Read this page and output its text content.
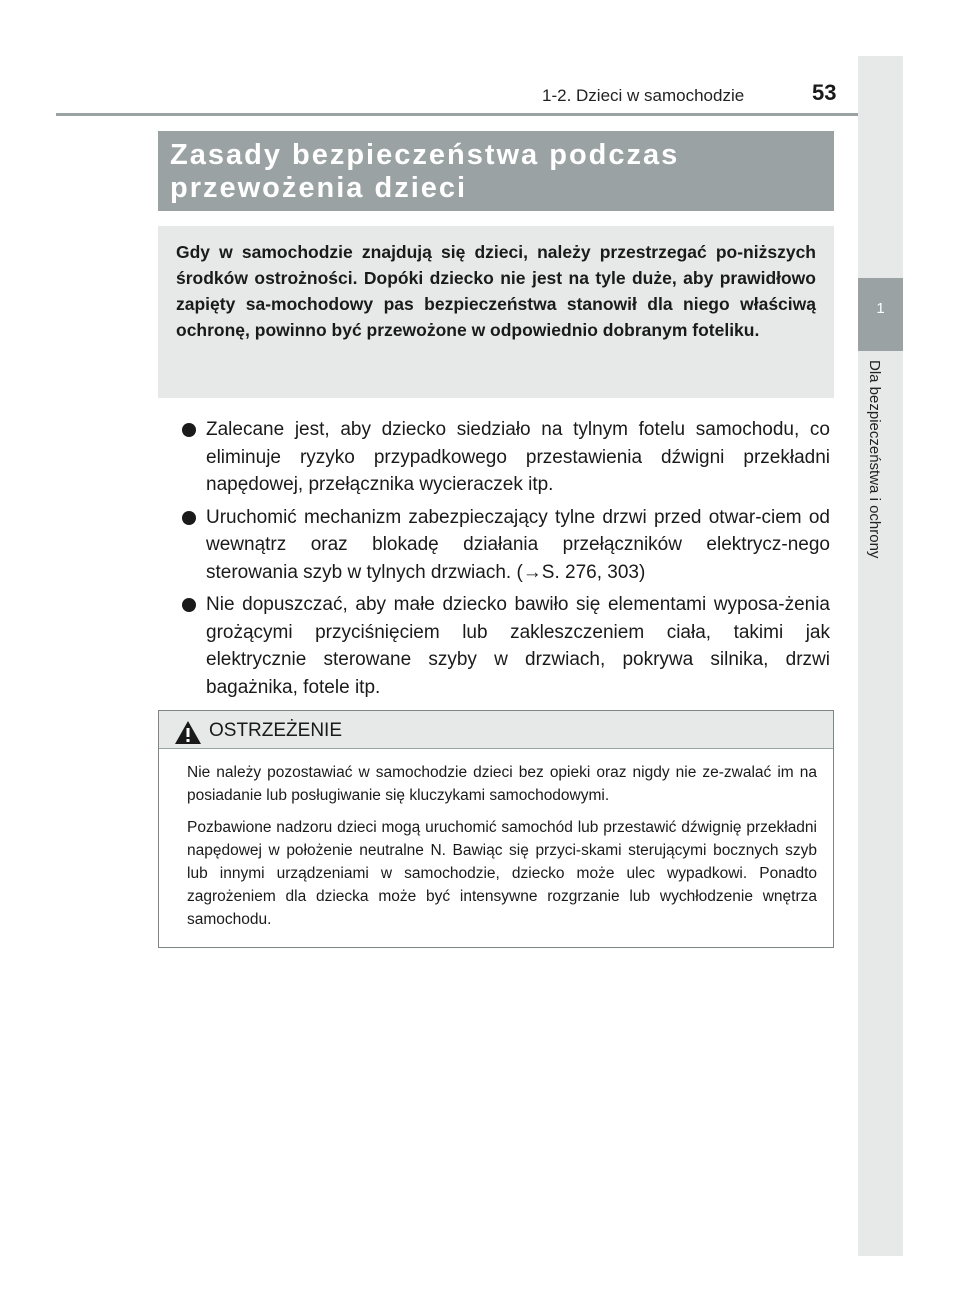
1-2. Dzieci w samochodzie	53
1
Dla bezpieczeństwa i ochrony
Zasady bezpieczeństwa podczas
przewożenia dzieci

Gdy w samochodzie znajdują się dzieci, należy przestrzegać po-niższych środków ostrożności. Dopóki dziecko nie jest na tyle duże, aby prawidłowo zapięty sa-mochodowy pas bezpieczeństwa stanowił dla niego właściwą ochronę, powinno być przewożone w odpowiednio dobranym foteliku.

Zalecane jest, aby dziecko siedziało na tylnym fotelu samochodu, co eliminuje ryzyko przypadkowego przestawienia dźwigni przekładni napędowej, przełącznika wycieraczek itp.
Uruchomić mechanizm zabezpieczający tylne drzwi przed otwar-ciem od wewnątrz oraz blokadę działania przełączników elektrycz-nego sterowania szyb w tylnych drzwiach. (→S. 276, 303)
Nie dopuszczać, aby małe dziecko bawiło się elementami wyposa-żenia grożącymi przyciśnięciem lub zakleszczeniem ciała, takimi jak elektrycznie sterowane szyby w drzwiach, pokrywa silnika, drzwi bagażnika, fotele itp.
OSTRZEŻENIE

Nie należy pozostawiać w samochodzie dzieci bez opieki oraz nigdy nie ze-zwalać im na posiadanie lub posługiwanie się kluczykami samochodowymi.

Pozbawione nadzoru dzieci mogą uruchomić samochód lub przestawić dźwignię przekładni napędowej w położenie neutralne N. Bawiąc się przyci-skami sterującymi bocznych szyb lub innymi urządzeniami w samochodzie, dziecko może ulec wypadkowi. Ponadto zagrożeniem dla dziecka może być intensywne rozgrzanie lub wychłodzenie wnętrza samochodu.
